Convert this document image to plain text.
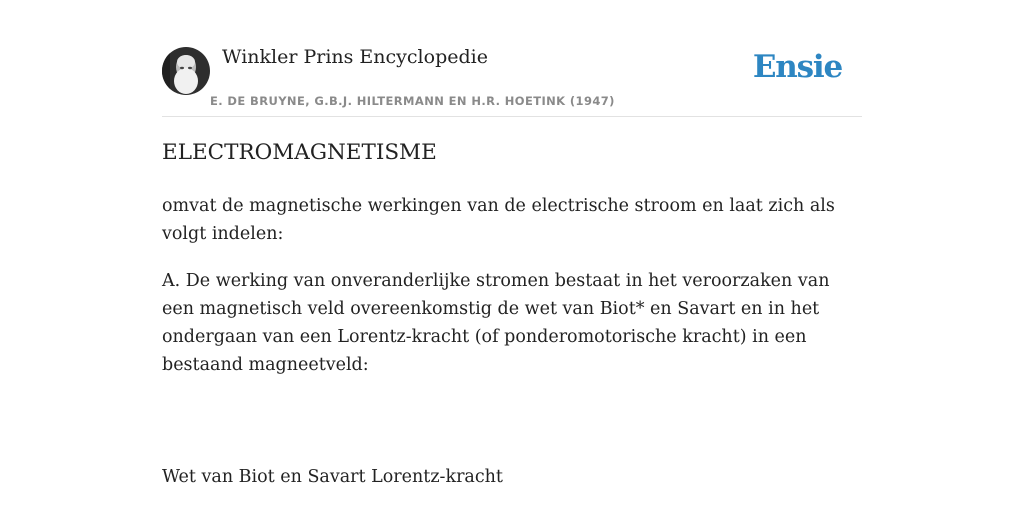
Winkler Prins Encyclopedie
E. DE BRUYNE, G.B.J. HILTERMANN EN H.R. HOETINK (1947)
Ensie
ELECTROMAGNETISME

omvat de magnetische werkingen van de electrische stroom en laat zich als volgt indelen:

A. De werking van onveranderlijke stromen bestaat in het veroorzaken van een magnetisch veld overeenkomstig de wet van Biot* en Savart en in het ondergaan van een Lorentz-kracht (of ponderomotorische kracht) in een bestaand magneetveld:

Wet van Biot en Savart Lorentz-kracht
